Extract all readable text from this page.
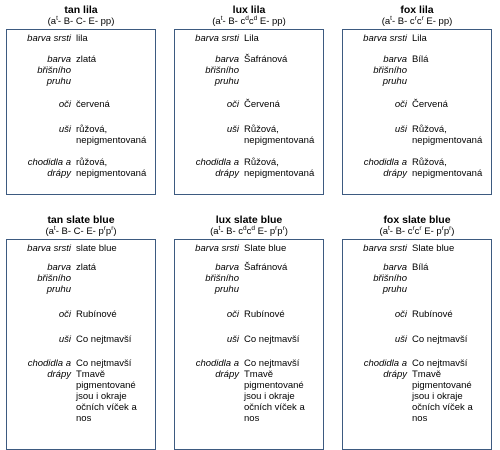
tan lila
($a^t-$ B- C- E- pp)
barva srsti lila
barva
břišního
pruhu
zlatá
oči červená
uši růžová,
nepigmentovaná
chodidla a
drápy
růžová,
nepigmentovaná
lux lila
($a^t-$ B- $c^dc^d$ E- pp)
barva srsti Lila
barva
břišního
pruhu
Šafránová
oči Červená
uši Růžová,
nepigmentovaná
chodidla a
drápy
Růžová,
nepigmentovaná
fox lila
($a^t-$ B- $c^rc^r$ E- pp)
barva srsti Lila
barva
břišního
pruhu
Bílá
oči Červená
uši Růžová,
nepigmentovaná
chodidla a
drápy
Růžová,
nepigmentovaná
tan slate blue
($a^t-$ B- C- E- $p^rp^r$)
barva srsti slate blue
barva
břišního
pruhu
zlatá
oči Rubínové
uši Co nejtmavší
chodidla a
drápy
Co nejtmavší
Tmavě
pigmentované
jsou i okraje
očních víček a
nos
lux slate blue
($a^t-$ B- $c^dc^d$ E- $p^rp^r$)
barva srsti Slate blue
barva
břišního
pruhu
Šafránová
oči Rubínové
uši Co nejtmavší
chodidla a
drápy
Co nejtmavší
Tmavě
pigmentované
jsou i okraje
očních víček a
nos
fox slate blue
($a^t-$ B- $c^rc^r$ E- $p^rp^r$)
barva srsti Slate blue
barva
břišního
pruhu
Bílá
oči Rubínové
uši Co nejtmavší
chodidla a
drápy
Co nejtmavší
Tmavě
pigmentované
jsou i okraje
očních víček a
nos
